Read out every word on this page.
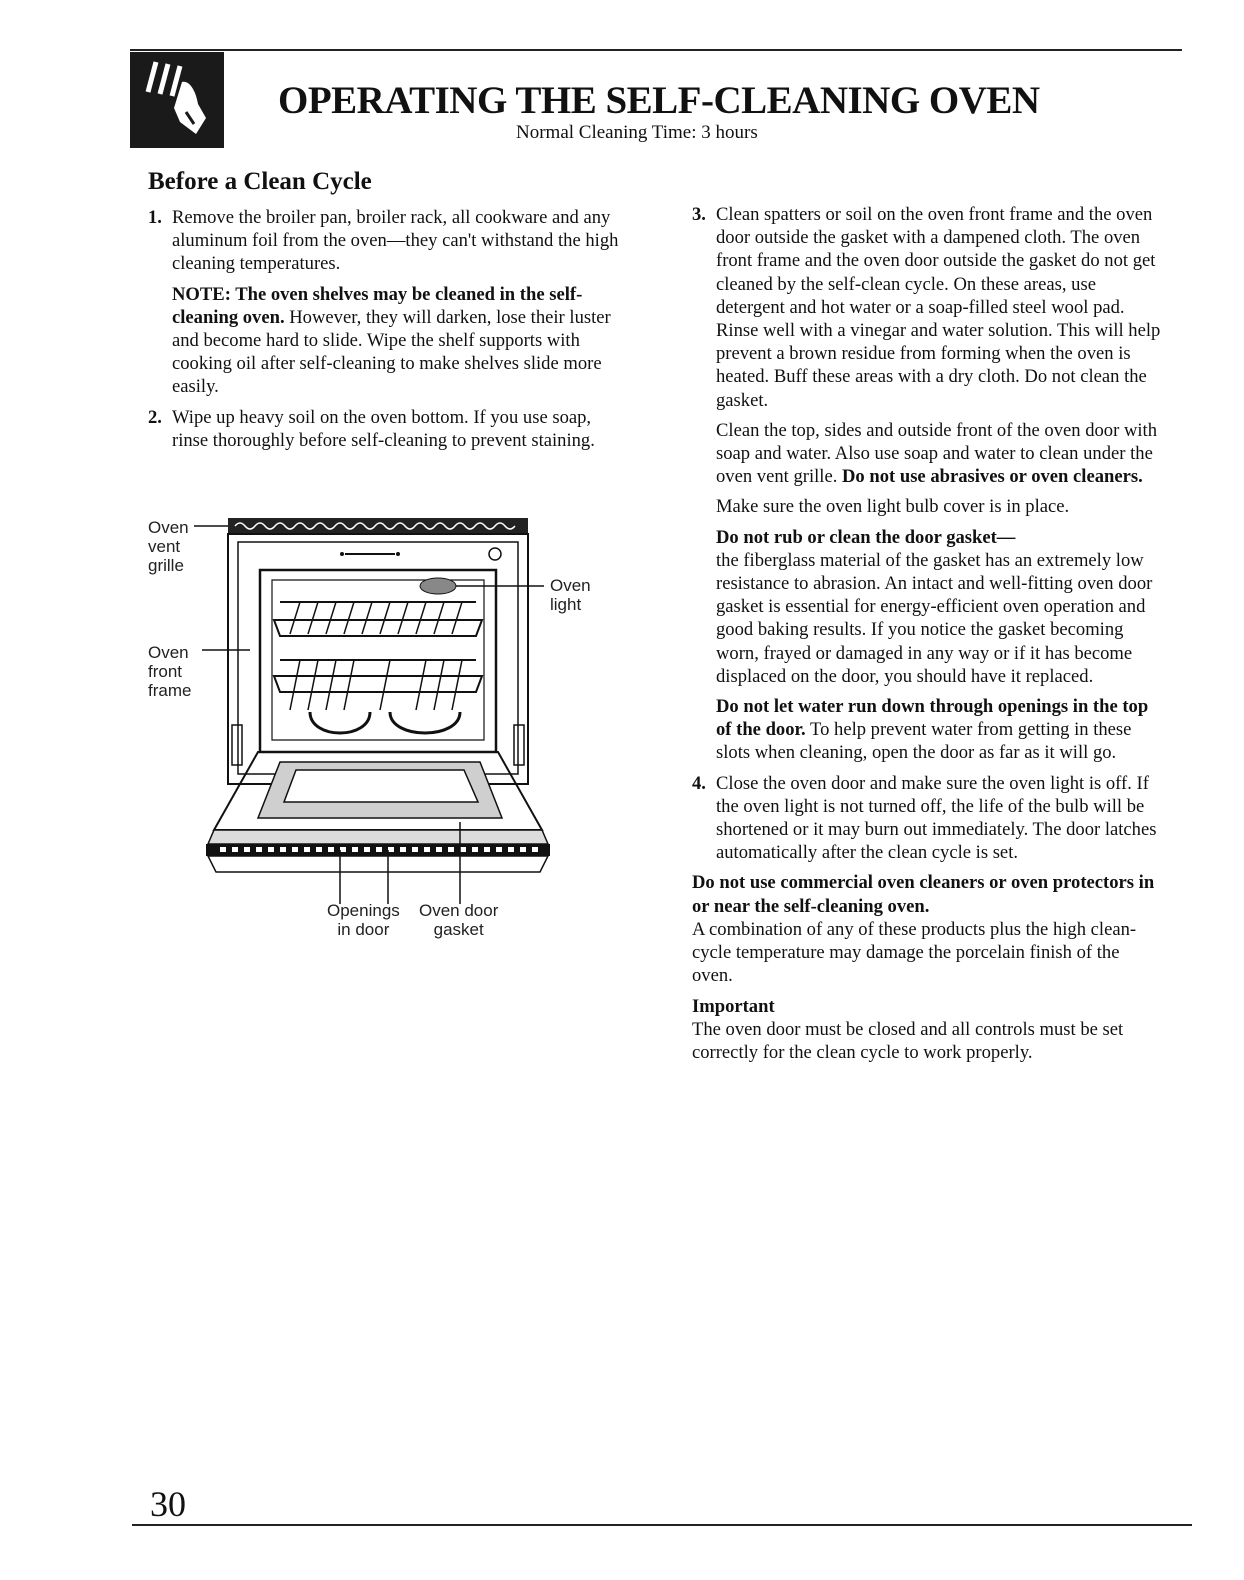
OPERATING THE SELF-CLEANING OVEN
Normal Cleaning Time: 3 hours
Before a Clean Cycle
1. Remove the broiler pan, broiler rack, all cookware and any aluminum foil from the oven—they can't withstand the high cleaning temperatures.

NOTE: The oven shelves may be cleaned in the self-cleaning oven. However, they will darken, lose their luster and become hard to slide. Wipe the shelf supports with cooking oil after self-cleaning to make shelves slide more easily.

2. Wipe up heavy soil on the oven bottom. If you use soap, rinse thoroughly before self-cleaning to prevent staining.

Oven
vent
grille
Oven
front
frame
Oven
light
Openings
in door
Oven door
gasket
3. Clean spatters or soil on the oven front frame and the oven door outside the gasket with a dampened cloth. The oven front frame and the oven door outside the gasket do not get cleaned by the self-clean cycle. On these areas, use detergent and hot water or a soap-filled steel wool pad. Rinse well with a vinegar and water solution. This will help prevent a brown residue from forming when the oven is heated. Buff these areas with a dry cloth. Do not clean the gasket.

Clean the top, sides and outside front of the oven door with soap and water. Also use soap and water to clean under the oven vent grille. Do not use abrasives or oven cleaners.

Make sure the oven light bulb cover is in place.

Do not rub or clean the door gasket—
the fiberglass material of the gasket has an extremely low resistance to abrasion. An intact and well-fitting oven door gasket is essential for energy-efficient oven operation and good baking results. If you notice the gasket becoming worn, frayed or damaged in any way or if it has become displaced on the door, you should have it replaced.

Do not let water run down through openings in the top of the door. To help prevent water from getting in these slots when cleaning, open the door as far as it will go.

4. Close the oven door and make sure the oven light is off. If the oven light is not turned off, the life of the bulb will be shortened or it may burn out immediately. The door latches automatically after the clean cycle is set.

Do not use commercial oven cleaners or oven protectors in or near the self-cleaning oven.
A combination of any of these products plus the high clean-cycle temperature may damage the porcelain finish of the oven.

Important
The oven door must be closed and all controls must be set correctly for the clean cycle to work properly.

30
